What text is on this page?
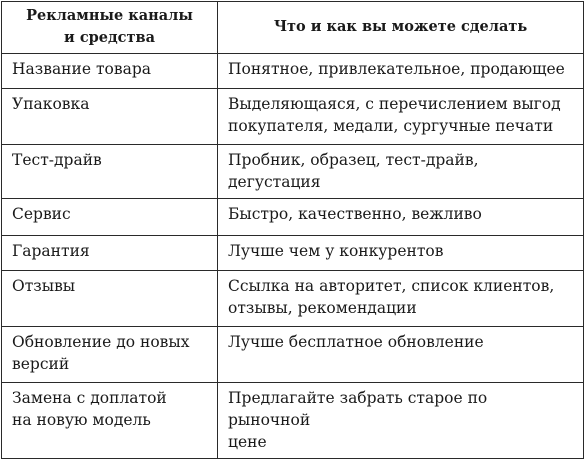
Рекламные каналы
и средства	Что и как вы можете сделать

Название товара	Понятное, привлекательное, продающее

Упаковка	Выделяющаяся, с перечислением выгод
покупателя, медали, сургучные печати

Тест-драйв	Пробник, образец, тест-драйв, дегустация

Сервис	Быстро, качественно, вежливо

Гарантия	Лучше чем у конкурентов

Отзывы	Ссылка на авторитет, список клиентов,
отзывы, рекомендации

Обновление до новых
версий	Лучше бесплатное обновление

Замена с доплатой
на новую модель	Предлагайте забрать старое по рыночной
цене
